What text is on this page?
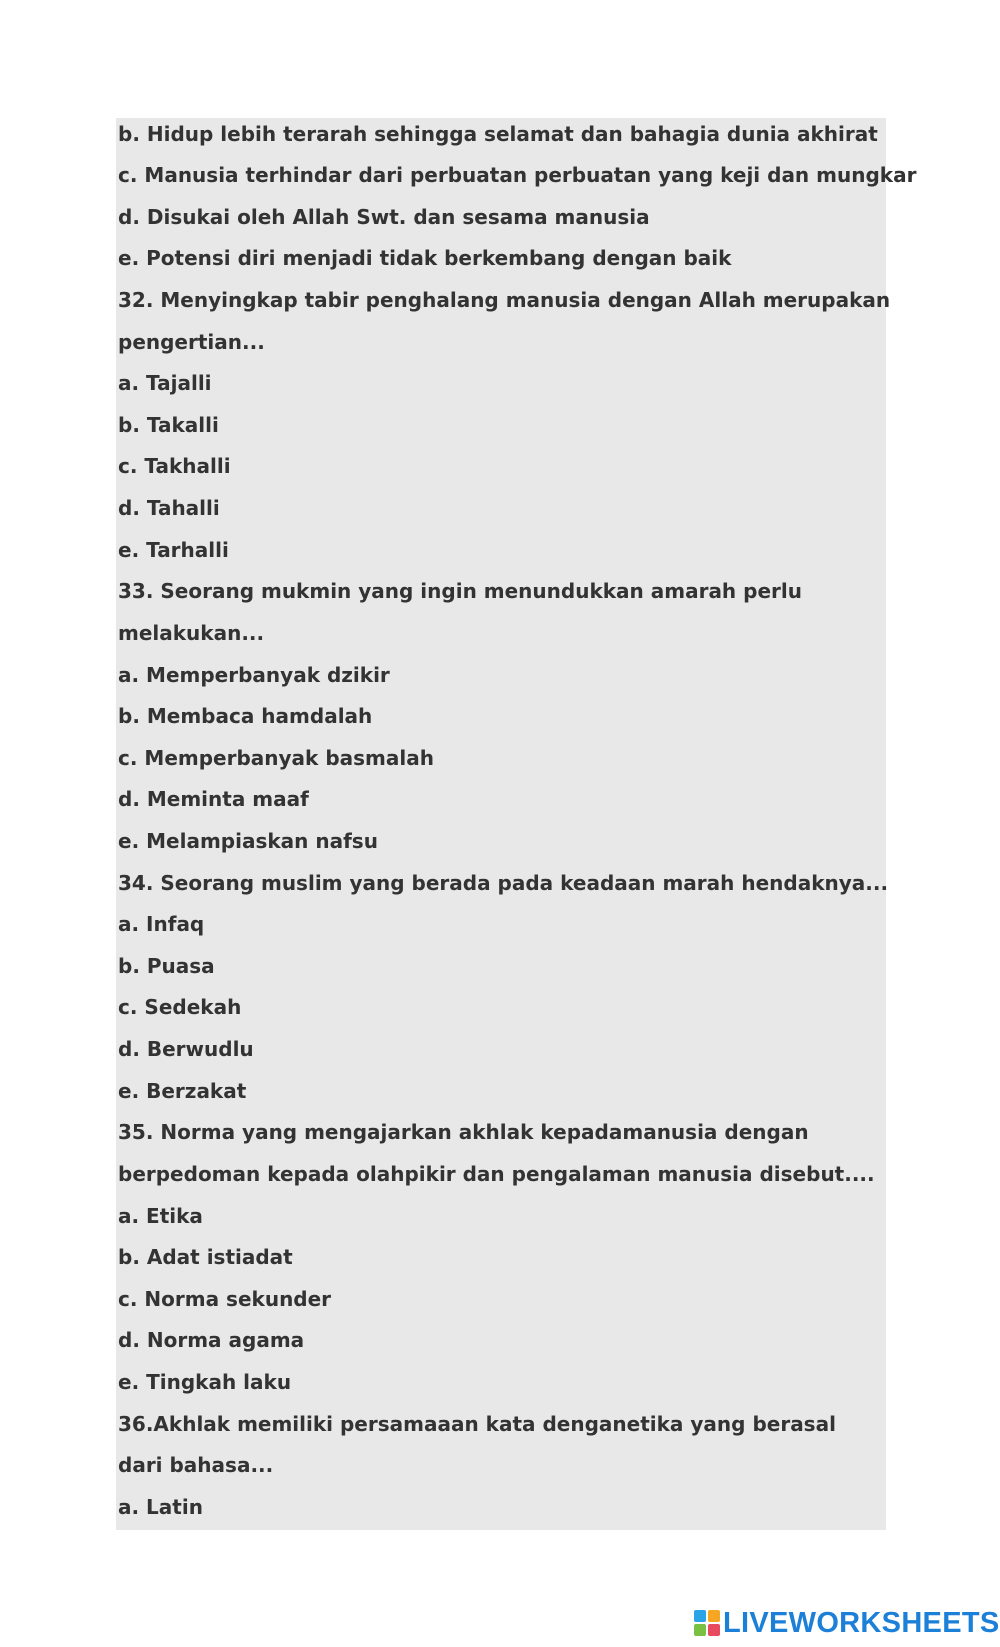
b. Hidup lebih terarah sehingga selamat dan bahagia dunia akhirat
c. Manusia terhindar dari perbuatan perbuatan yang keji dan mungkar
d. Disukai oleh Allah Swt. dan sesama manusia
e. Potensi diri menjadi tidak berkembang dengan baik
32. Menyingkap tabir penghalang manusia dengan Allah merupakan
pengertian...
a. Tajalli
b. Takalli
c. Takhalli
d. Tahalli
e. Tarhalli
33. Seorang mukmin yang ingin menundukkan amarah perlu
melakukan...
a. Memperbanyak dzikir
b. Membaca hamdalah
c. Memperbanyak basmalah
d. Meminta maaf
e. Melampiaskan nafsu
34. Seorang muslim yang berada pada keadaan marah hendaknya...
a. Infaq
b. Puasa
c. Sedekah
d. Berwudlu
e. Berzakat
35. Norma yang mengajarkan akhlak kepadamanusia dengan
berpedoman kepada olahpikir dan pengalaman manusia disebut....
a. Etika
b. Adat istiadat
c. Norma sekunder
d. Norma agama
e. Tingkah laku
36.Akhlak memiliki persamaaan kata denganetika yang berasal
dari bahasa...
a. Latin
LIVEWORKSHEETS
